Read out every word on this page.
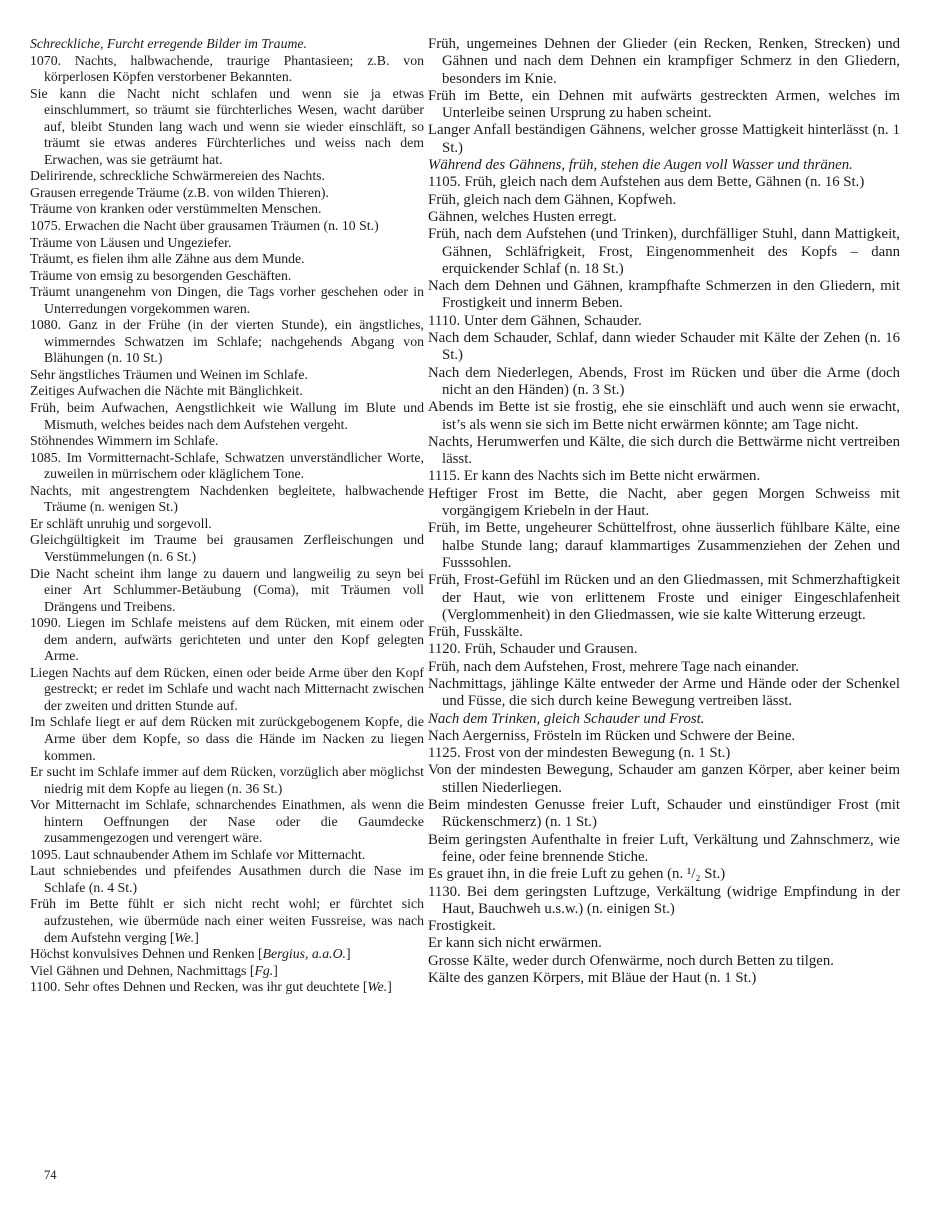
Schreckliche, Furcht erregende Bilder im Traume.

1070. Nachts, halbwachende, traurige Phantasieen; z.B. von körperlosen Köpfen verstorbener Bekannten.

Sie kann die Nacht nicht schlafen und wenn sie ja etwas einschlummert, so träumt sie fürchterliches Wesen, wacht darüber auf, bleibt Stunden lang wach und wenn sie wieder einschläft, so träumt sie etwas anderes Fürchterliches und weiss nach dem Erwachen, was sie geträumt hat.

Delirirende, schreckliche Schwärmereien des Nachts.

Grausen erregende Träume (z.B. von wilden Thieren).

Träume von kranken oder verstümmelten Menschen.

1075. Erwachen die Nacht über grausamen Träumen (n. 10 St.)

Träume von Läusen und Ungeziefer.

Träumt, es fielen ihm alle Zähne aus dem Munde.

Träume von emsig zu besorgenden Geschäften.

Träumt unangenehm von Dingen, die Tags vorher geschehen oder in Unterredungen vorgekommen waren.

1080. Ganz in der Frühe (in der vierten Stunde), ein ängstliches, wimmerndes Schwatzen im Schlafe; nachgehends Abgang von Blähungen (n. 10 St.)

Sehr ängstliches Träumen und Weinen im Schlafe.

Zeitiges Aufwachen die Nächte mit Bänglichkeit.

Früh, beim Aufwachen, Aengstlichkeit wie Wallung im Blute und Mismuth, welches beides nach dem Aufstehen vergeht.

Stöhnendes Wimmern im Schlafe.

1085. Im Vormitternacht-Schlafe, Schwatzen unverständlicher Worte, zuweilen in mürrischem oder kläglichem Tone.

Nachts, mit angestrengtem Nachdenken begleitete, halbwachende Träume (n. wenigen St.)

Er schläft unruhig und sorgevoll.

Gleichgültigkeit im Traume bei grausamen Zerfleischungen und Verstümmelungen (n. 6 St.)

Die Nacht scheint ihm lange zu dauern und langweilig zu seyn bei einer Art Schlummer-Betäubung (Coma), mit Träumen voll Drängens und Treibens.

1090. Liegen im Schlafe meistens auf dem Rücken, mit einem oder dem andern, aufwärts gerichteten und unter den Kopf gelegten Arme.

Liegen Nachts auf dem Rücken, einen oder beide Arme über den Kopf gestreckt; er redet im Schlafe und wacht nach Mitternacht zwischen der zweiten und dritten Stunde auf.

Im Schlafe liegt er auf dem Rücken mit zurückgebogenem Kopfe, die Arme über dem Kopfe, so dass die Hände im Nacken zu liegen kommen.

Er sucht im Schlafe immer auf dem Rücken, vorzüglich aber möglichst niedrig mit dem Kopfe au liegen (n. 36 St.)

Vor Mitternacht im Schlafe, schnarchendes Einathmen, als wenn die hintern Oeffnungen der Nase oder die Gaumdecke zusammengezogen und verengert wäre.

1095. Laut schnaubender Athem im Schlafe vor Mitternacht.

Laut schniebendes und pfeifendes Ausathmen durch die Nase im Schlafe (n. 4 St.)

Früh im Bette fühlt er sich nicht recht wohl; er fürchtet sich aufzustehen, wie übermüde nach einer weiten Fussreise, was nach dem Aufstehn verging [We.]

Höchst konvulsives Dehnen und Renken [Bergius, a.a.O.]

Viel Gähnen und Dehnen, Nachmittags [Fg.]

1100. Sehr oftes Dehnen und Recken, was ihr gut deuchtete [We.]

Früh, ungemeines Dehnen der Glieder (ein Recken, Renken, Strecken) und Gähnen und nach dem Dehnen ein krampfiger Schmerz in den Gliedern, besonders im Knie.

Früh im Bette, ein Dehnen mit aufwärts gestreckten Armen, welches im Unterleibe seinen Ursprung zu haben scheint.

Langer Anfall beständigen Gähnens, welcher grosse Mattigkeit hinterlässt (n. 1 St.)

Während des Gähnens, früh, stehen die Augen voll Wasser und thränen.

1105. Früh, gleich nach dem Aufstehen aus dem Bette, Gähnen (n. 16 St.)

Früh, gleich nach dem Gähnen, Kopfweh.

Gähnen, welches Husten erregt.

Früh, nach dem Aufstehen (und Trinken), durchfälliger Stuhl, dann Mattigkeit, Gähnen, Schläfrigkeit, Frost, Eingenommenheit des Kopfs – dann erquickender Schlaf (n. 18 St.)

Nach dem Dehnen und Gähnen, krampfhafte Schmerzen in den Gliedern, mit Frostigkeit und innerm Beben.

1110. Unter dem Gähnen, Schauder.

Nach dem Schauder, Schlaf, dann wieder Schauder mit Kälte der Zehen (n. 16 St.)

Nach dem Niederlegen, Abends, Frost im Rücken und über die Arme (doch nicht an den Händen) (n. 3 St.)

Abends im Bette ist sie frostig, ehe sie einschläft und auch wenn sie erwacht, ist’s als wenn sie sich im Bette nicht erwärmen könnte; am Tage nicht.

Nachts, Herumwerfen und Kälte, die sich durch die Bettwärme nicht vertreiben lässt.

1115. Er kann des Nachts sich im Bette nicht erwärmen.

Heftiger Frost im Bette, die Nacht, aber gegen Morgen Schweiss mit vorgängigem Kriebeln in der Haut.

Früh, im Bette, ungeheurer Schüttelfrost, ohne äusserlich fühlbare Kälte, eine halbe Stunde lang; darauf klammartiges Zusammenziehen der Zehen und Fusssohlen.

Früh, Frost-Gefühl im Rücken und an den Gliedmassen, mit Schmerzhaftigkeit der Haut, wie von erlittenem Froste und einiger Eingeschlafenheit (Verglommenheit) in den Gliedmassen, wie sie kalte Witterung erzeugt.

Früh, Fusskälte.

1120. Früh, Schauder und Grausen.

Früh, nach dem Aufstehen, Frost, mehrere Tage nach einander.

Nachmittags, jählinge Kälte entweder der Arme und Hände oder der Schenkel und Füsse, die sich durch keine Bewegung vertreiben lässt.

Nach dem Trinken, gleich Schauder und Frost.

Nach Aergerniss, Frösteln im Rücken und Schwere der Beine.

1125. Frost von der mindesten Bewegung (n. 1 St.)

Von der mindesten Bewegung, Schauder am ganzen Körper, aber keiner beim stillen Niederliegen.

Beim mindesten Genusse freier Luft, Schauder und einstündiger Frost (mit Rückenschmerz) (n. 1 St.)

Beim geringsten Aufenthalte in freier Luft, Verkältung und Zahnschmerz, wie feine, oder feine brennende Stiche.

Es grauet ihn, in die freie Luft zu gehen (n. ¹/₂ St.)

1130. Bei dem geringsten Luftzuge, Verkältung (widrige Empfindung in der Haut, Bauchweh u.s.w.) (n. einigen St.)

Frostigkeit.

Er kann sich nicht erwärmen.

Grosse Kälte, weder durch Ofenwärme, noch durch Betten zu tilgen.

Kälte des ganzen Körpers, mit Bläue der Haut (n. 1 St.)

74
